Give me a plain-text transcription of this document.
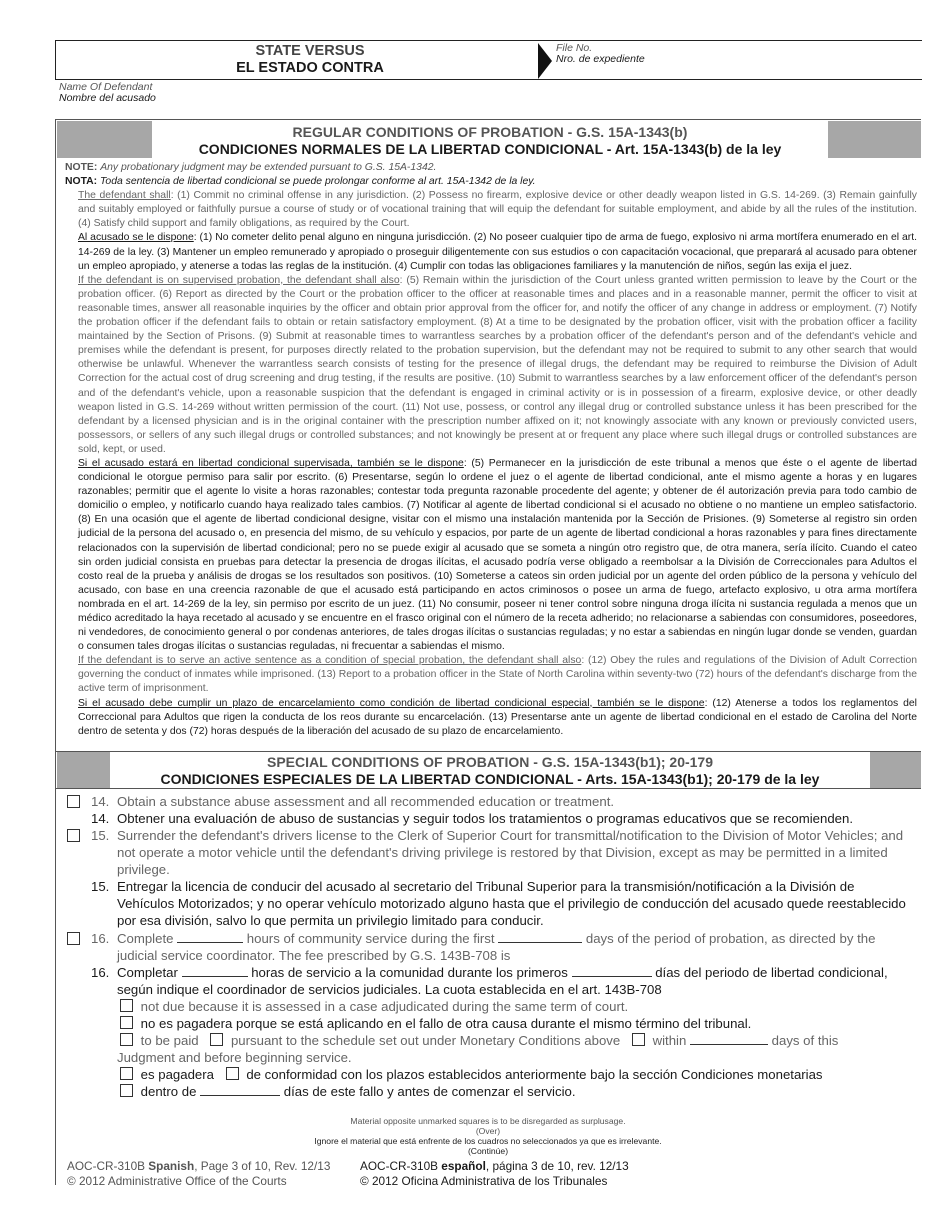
STATE VERSUS
EL ESTADO CONTRA
File No.
Nro. de expediente
Name Of Defendant
Nombre del acusado
REGULAR CONDITIONS OF PROBATION - G.S. 15A-1343(b)
CONDICIONES NORMALES DE LA LIBERTAD CONDICIONAL - Art. 15A-1343(b) de la ley

NOTE: Any probationary judgment may be extended pursuant to G.S. 15A-1342.

NOTA: Toda sentencia de libertad condicional se puede prolongar conforme al art. 15A-1342 de la ley.

The defendant shall: (1) Commit no criminal offense in any jurisdiction. (2) Possess no firearm, explosive device or other deadly weapon listed in G.S. 14-269. (3) Remain gainfully and suitably employed or faithfully pursue a course of study or of vocational training that will equip the defendant for suitable employment, and abide by all the rules of the institution. (4) Satisfy child support and family obligations, as required by the Court.

Al acusado se le dispone: (1) No cometer delito penal alguno en ninguna jurisdicción. (2) No poseer cualquier tipo de arma de fuego, explosivo ni arma mortífera enumerado en el art. 14-269 de la ley. (3) Mantener un empleo remunerado y apropiado o proseguir diligentemente con sus estudios o con capacitación vocacional, que preparará al acusado para obtener un empleo apropiado, y atenerse a todas las reglas de la institución. (4) Cumplir con todas las obligaciones familiares y la manutención de niños, según las exija el juez.

If the defendant is on supervised probation, the defendant shall also: (5) Remain within the jurisdiction of the Court unless granted written permission to leave by the Court or the probation officer. (6) Report as directed by the Court or the probation officer to the officer at reasonable times and places and in a reasonable manner, permit the officer to visit at reasonable times, answer all reasonable inquiries by the officer and obtain prior approval from the officer for, and notify the officer of any change in address or employment. (7) Notify the probation officer if the defendant fails to obtain or retain satisfactory employment. (8) At a time to be designated by the probation officer, visit with the probation officer a facility maintained by the Section of Prisons. (9) Submit at reasonable times to warrantless searches by a probation officer of the defendant's person and of the defendant's vehicle and premises while the defendant is present, for purposes directly related to the probation supervision, but the defendant may not be required to submit to any other search that would otherwise be unlawful. Whenever the warrantless search consists of testing for the presence of illegal drugs, the defendant may be required to reimburse the Division of Adult Correction for the actual cost of drug screening and drug testing, if the results are positive. (10) Submit to warrantless searches by a law enforcement officer of the defendant's person and of the defendant's vehicle, upon a reasonable suspicion that the defendant is engaged in criminal activity or is in possession of a firearm, explosive device, or other deadly weapon listed in G.S. 14-269 without written permission of the court. (11) Not use, possess, or control any illegal drug or controlled substance unless it has been prescribed for the defendant by a licensed physician and is in the original container with the prescription number affixed on it; not knowingly associate with any known or previously convicted users, possessors, or sellers of any such illegal drugs or controlled substances; and not knowingly be present at or frequent any place where such illegal drugs or controlled substances are sold, kept, or used.

Si el acusado estará en libertad condicional supervisada, también se le dispone: (5) Permanecer en la jurisdicción de este tribunal a menos que éste o el agente de libertad condicional le otorgue permiso para salir por escrito. (6) Presentarse, según lo ordene el juez o el agente de libertad condicional, ante el mismo agente a horas y en lugares razonables; permitir que el agente lo visite a horas razonables; contestar toda pregunta razonable procedente del agente; y obtener de él autorización previa para todo cambio de domicilio o empleo, y notificarlo cuando haya realizado tales cambios. (7) Notificar al agente de libertad condicional si el acusado no obtiene o no mantiene un empleo satisfactorio. (8) En una ocasión que el agente de libertad condicional designe, visitar con el mismo una instalación mantenida por la Sección de Prisiones. (9) Someterse al registro sin orden judicial de la persona del acusado o, en presencia del mismo, de su vehículo y espacios, por parte de un agente de libertad condicional a horas razonables y para fines directamente relacionados con la supervisión de libertad condicional; pero no se puede exigir al acusado que se someta a ningún otro registro que, de otra manera, sería ilícito. Cuando el cateo sin orden judicial consista en pruebas para detectar la presencia de drogas ilícitas, el acusado podría verse obligado a reembolsar a la División de Correccionales para Adultos el costo real de la prueba y análisis de drogas se los resultados son positivos. (10) Someterse a cateos sin orden judicial por un agente del orden público de la persona y vehículo del acusado, con base en una creencia razonable de que el acusado está participando en actos criminosos o posee un arma de fuego, artefacto explosivo, u otra arma mortífera nombrada en el art. 14-269 de la ley, sin permiso por escrito de un juez. (11) No consumir, poseer ni tener control sobre ninguna droga ilícita ni sustancia regulada a menos que un médico acreditado la haya recetado al acusado y se encuentre en el frasco original con el número de la receta adherido; no relacionarse a sabiendas con consumidores, poseedores, ni vendedores, de conocimiento general o por condenas anteriores, de tales drogas ilícitas o sustancias reguladas; y no estar a sabiendas en ningún lugar donde se venden, guardan o consumen tales drogas ilícitas o sustancias reguladas, ni frecuentar a sabiendas el mismo.

If the defendant is to serve an active sentence as a condition of special probation, the defendant shall also: (12) Obey the rules and regulations of the Division of Adult Correction governing the conduct of inmates while imprisoned. (13) Report to a probation officer in the State of North Carolina within seventy-two (72) hours of the defendant's discharge from the active term of imprisonment.

Si el acusado debe cumplir un plazo de encarcelamiento como condición de libertad condicional especial, también se le dispone: (12) Atenerse a todos los reglamentos del Correccional para Adultos que rigen la conducta de los reos durante su encarcelación. (13) Presentarse ante un agente de libertad condicional en el estado de Carolina del Norte dentro de setenta y dos (72) horas después de la liberación del acusado de su plazo de encarcelamiento.

SPECIAL CONDITIONS OF PROBATION - G.S. 15A-1343(b1); 20-179
CONDICIONES ESPECIALES DE LA LIBERTAD CONDICIONAL - Arts. 15A-1343(b1); 20-179 de la ley
14. Obtain a substance abuse assessment and all recommended education or treatment.
14. Obtener una evaluación de abuso de sustancias y seguir todos los tratamientos o programas educativos que se recomienden.
15. Surrender the defendant's drivers license to the Clerk of Superior Court for transmittal/notification to the Division of Motor Vehicles; and not operate a motor vehicle until the defendant's driving privilege is restored by that Division, except as may be permitted in a limited privilege.
15. Entregar la licencia de conducir del acusado al secretario del Tribunal Superior para la transmisión/notificación a la División de Vehículos Motorizados; y no operar vehículo motorizado alguno hasta que el privilegio de conducción del acusado quede reestablecido por esa división, salvo lo que permita un privilegio limitado para conducir.
16. Complete	hours of community service during the first	days of the period of probation, as directed by the judicial service coordinator. The fee prescribed by G.S. 143B-708 is
16. Completar	horas de servicio a la comunidad durante los primeros	días del periodo de libertad condicional, según indique el coordinador de servicios judiciales. La cuota establecida en el art. 143B-708
not due because it is assessed in a case adjudicated during the same term of court.
no es pagadera porque se está aplicando en el fallo de otra causa durante el mismo término del tribunal.
to be paid pursuant to the schedule set out under Monetary Conditions above within	days of this Judgment and before beginning service.
es pagadera de conformidad con los plazos establecidos anteriormente bajo la sección Condiciones monetarias
dentro de	días de este fallo y antes de comenzar el servicio.
Material opposite unmarked squares is to be disregarded as surplusage.
(Over)
Ignore el material que está enfrente de los cuadros no seleccionados ya que es irrelevante.
(Continúe)
AOC-CR-310B Spanish, Page 3 of 10, Rev. 12/13
© 2012 Administrative Office of the Courts
AOC-CR-310B español, página 3 de 10, rev. 12/13
© 2012 Oficina Administrativa de los Tribunales
